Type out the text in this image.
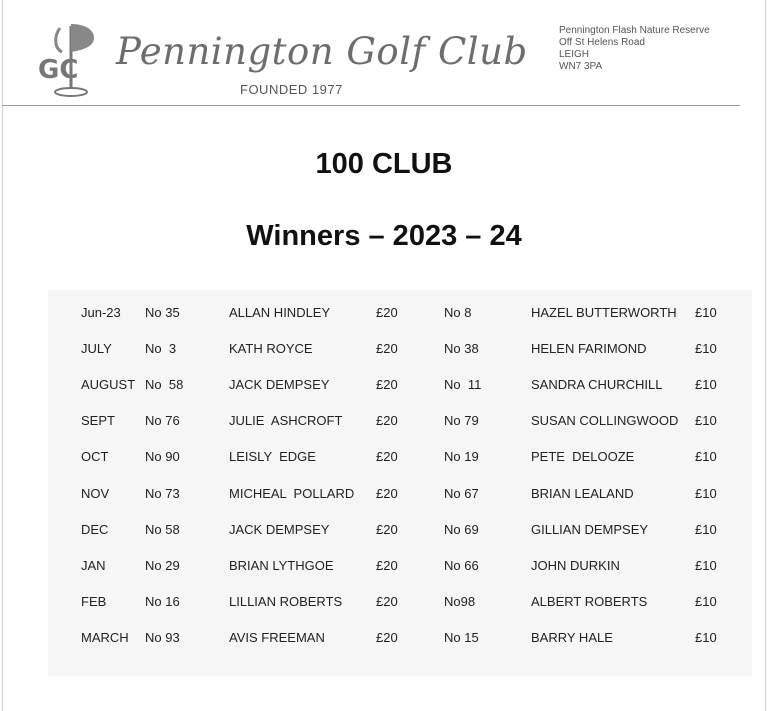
GC Pennington Golf Club
FOUNDED 1977
Pennington Flash Nature Reserve
Off St Helens Road
LEIGH
WN7 3PA
100 CLUB
Winners – 2023 – 24
Jun-23	No 35	ALLAN HINDLEY	£20	No 8	HAZEL BUTTERWORTH	£10
JULY	No  3	KATH ROYCE	£20	No 38	HELEN FARIMOND	£10
AUGUST	No  58	JACK DEMPSEY	£20	No  11	SANDRA CHURCHILL	£10
SEPT	No 76	JULIE  ASHCROFT	£20	No 79	SUSAN COLLINGWOOD	£10
OCT	No 90	LEISLY  EDGE	£20	No 19	PETE  DELOOZE	£10
NOV	No 73	MICHEAL  POLLARD	£20	No 67	BRIAN LEALAND	£10
DEC	No 58	JACK DEMPSEY	£20	No 69	GILLIAN DEMPSEY	£10
JAN	No 29	BRIAN LYTHGOE	£20	No 66	JOHN DURKIN	£10
FEB	No 16	LILLIAN ROBERTS	£20	No98	ALBERT ROBERTS	£10
MARCH	No 93	AVIS FREEMAN	£20	No 15	BARRY HALE	£10
